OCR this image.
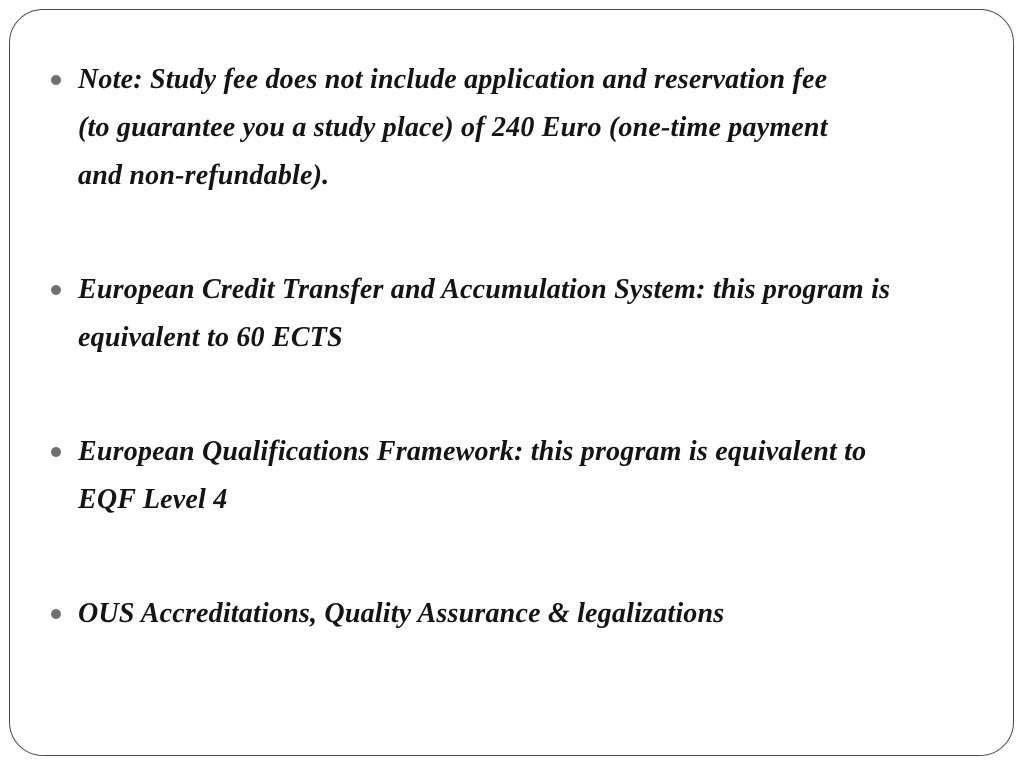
Note: Study fee does not include application and reservation fee (to guarantee you a study place) of 240 Euro (one-time payment and non-refundable).
European Credit Transfer and Accumulation System: this program is equivalent to 60 ECTS
European Qualifications Framework: this program is equivalent to EQF Level 4
OUS Accreditations, Quality Assurance & legalizations
